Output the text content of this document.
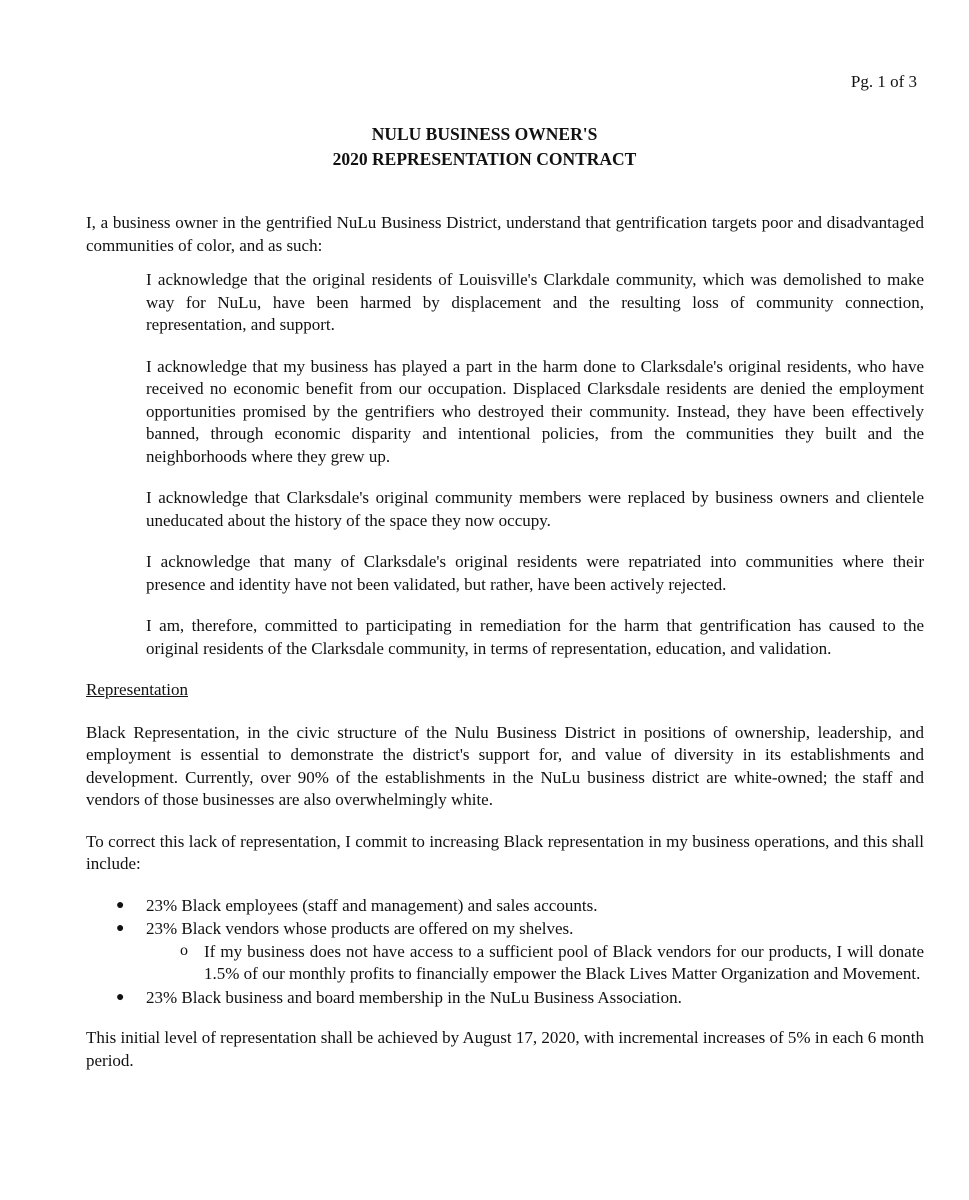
Pg. 1 of 3
NULU BUSINESS OWNER'S
2020 REPRESENTATION CONTRACT

I, a business owner in the gentrified NuLu Business District, understand that gentrification targets poor and disadvantaged communities of color, and as such:

I acknowledge that the original residents of Louisville's Clarkdale community, which was demolished to make way for NuLu, have been harmed by displacement and the resulting loss of community connection, representation, and support.

I acknowledge that my business has played a part in the harm done to Clarksdale's original residents, who have received no economic benefit from our occupation. Displaced Clarksdale residents are denied the employment opportunities promised by the gentrifiers who destroyed their community. Instead, they have been effectively banned, through economic disparity and intentional policies, from the communities they built and the neighborhoods where they grew up.

I acknowledge that Clarksdale's original community members were replaced by business owners and clientele uneducated about the history of the space they now occupy.

I acknowledge that many of Clarksdale's original residents were repatriated into communities where their presence and identity have not been validated, but rather, have been actively rejected.

I am, therefore, committed to participating in remediation for the harm that gentrification has caused to the original residents of the Clarksdale community, in terms of representation, education, and validation.

Representation

Black Representation, in the civic structure of the Nulu Business District in positions of ownership, leadership, and employment is essential to demonstrate the district's support for, and value of diversity in its establishments and development. Currently, over 90% of the establishments in the NuLu business district are white-owned; the staff and vendors of those businesses are also overwhelmingly white.

To correct this lack of representation, I commit to increasing Black representation in my business operations, and this shall include:

● 23% Black employees (staff and management) and sales accounts.
● 23% Black vendors whose products are offered on my shelves.
o If my business does not have access to a sufficient pool of Black vendors for our products, I will donate 1.5% of our monthly profits to financially empower the Black Lives Matter Organization and Movement.
● 23% Black business and board membership in the NuLu Business Association.

This initial level of representation shall be achieved by August 17, 2020, with incremental increases of 5% in each 6 month period.
